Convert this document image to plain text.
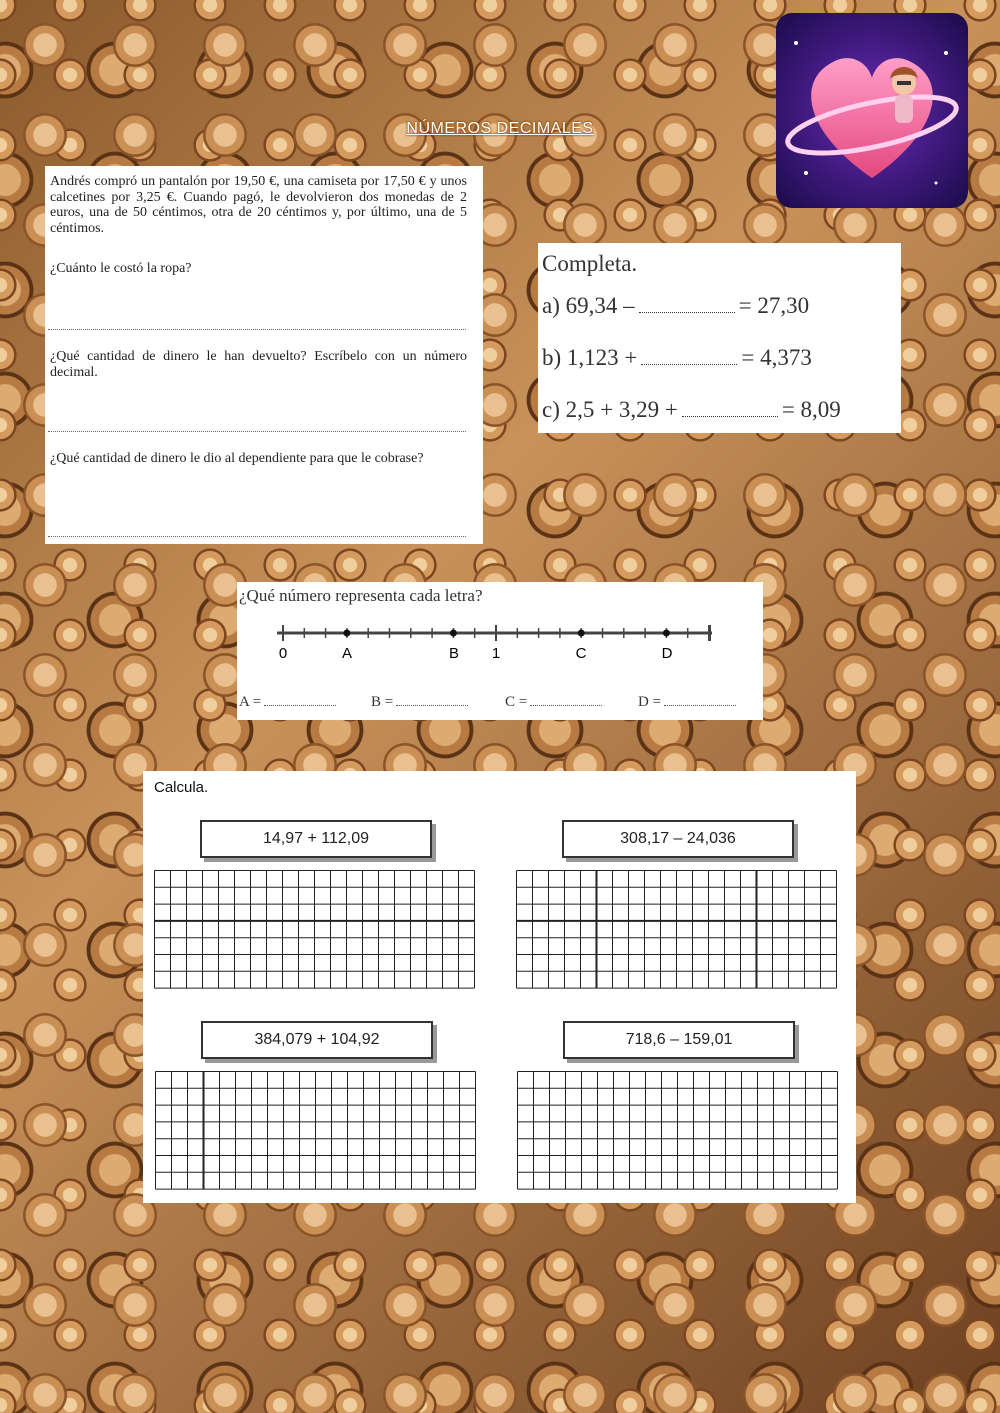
NÚMEROS DECIMALES
Andrés compró un pantalón por 19,50 €, una camiseta por 17,50 € y unos calcetines por 3,25 €. Cuando pagó, le devolvieron dos monedas de 2 euros, una de 50 céntimos, otra de 20 céntimos y, por último, una de 5 céntimos.
¿Cuánto le costó la ropa?
¿Qué cantidad de dinero le han devuelto? Escríbelo con un número decimal.
¿Qué cantidad de dinero le dio al dependiente para que le cobrase?
Completa.
a) 69,34 –	= 27,30
b) 1,123 +	= 4,373
c) 2,5 + 3,29 +	= 8,09
¿Qué número representa cada letra?
0	A	B 1	C	D
A =	B =	C =	D =
Calcula.
14,97 + 112,09	308,17 – 24,036
384,079 + 104,92	718,6 – 159,01
